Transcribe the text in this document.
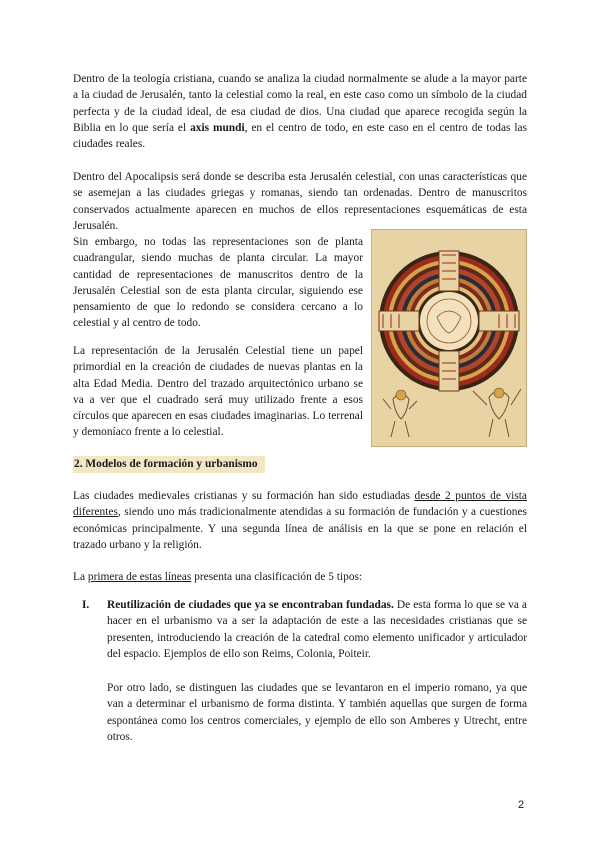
Dentro de la teología cristiana, cuando se analiza la ciudad normalmente se alude a la mayor parte a la ciudad de Jerusalén, tanto la celestial como la real, en este caso como un símbolo de la ciudad perfecta y de la ciudad ideal, de esa ciudad de dios. Una ciudad que aparece recogida según la Biblia en lo que sería el axis mundi, en el centro de todo, en este caso en el centro de todas las ciudades reales.

Dentro del Apocalipsis será donde se describa esta Jerusalén celestial, con unas características que se asemejan a las ciudades griegas y romanas, siendo tan ordenadas. Dentro de manuscritos conservados actualmente aparecen en muchos de ellos representaciones esquemáticas de esta Jerusalén.

Sin embargo, no todas las representaciones son de planta cuadrangular, siendo muchas de planta circular. La mayor cantidad de representaciones de manuscritos dentro de la Jerusalén Celestial son de esta planta circular, siguiendo ese pensamiento de que lo redondo se considera cercano a lo celestial y al centro de todo.

La representación de la Jerusalén Celestial tiene un papel primordial en la creación de ciudades de nuevas plantas en la alta Edad Media. Dentro del trazado arquitectónico urbano se va a ver que el cuadrado será muy utilizado frente a esos círculos que aparecen en esas ciudades imaginarias. Lo terrenal y demoníaco frente a lo celestial.

2. Modelos de formación y urbanismo

Las ciudades medievales cristianas y su formación han sido estudiadas desde 2 puntos de vista diferentes, siendo uno más tradicionalmente atendidas a su formación de fundación y a cuestiones económicas principalmente. Y una segunda línea de análisis en la que se pone en relación el trazado urbano y la religión.

La primera de estas líneas presenta una clasificación de 5 tipos:

I. Reutilización de ciudades que ya se encontraban fundadas. De esta forma lo que se va a hacer en el urbanismo va a ser la adaptación de este a las necesidades cristianas que se presenten, introduciendo la creación de la catedral como elemento unificador y articulador del espacio. Ejemplos de ello son Reims, Colonia, Poiteir.

Por otro lado, se distinguen las ciudades que se levantaron en el imperio romano, ya que van a determinar el urbanismo de forma distinta. Y también aquellas que surgen de forma espontánea como los centros comerciales, y ejemplo de ello son Amberes y Utrecht, entre otros.

2
